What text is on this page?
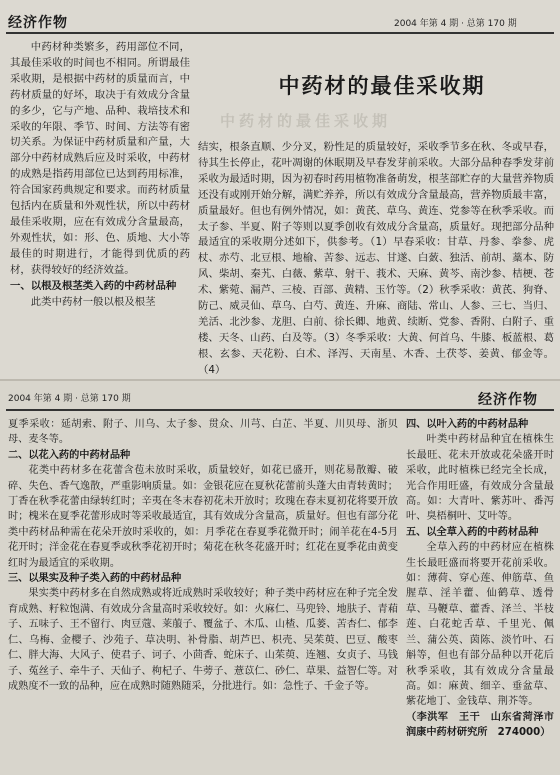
经济作物	2004 年第 4 期 · 总第 170 期
中药材的最佳采收期
中药材的最佳采收期

中药材种类繁多，药用部位不同，其最佳采收的时间也不相同。所谓最佳采收期，是根据中药材的质量而言，中药材质量的好坏，取决于有效成分含量的多少，它与产地、品种、栽培技术和采收的年限、季节、时间、方法等有密切关系。为保证中药材质量和产量，大部分中药材成熟后应及时采收，中药材的成熟是指药用部位已达到药用标准，符合国家药典规定和要求。而药材质量包括内在质量和外观性状，所以中药材最佳采收期，应在有效成分含量最高，外观性状，如：形、色、质地、大小等最佳的时期进行，才能得到优质的药材，获得较好的经济效益。

一、以根及根茎类入药的中药材品种

此类中药材一般以根及根茎

结实，根条直顺、少分叉，粉性足的质量较好，采收季节多在秋、冬或早春，待其生长停止，花叶凋谢的休眠期及早春发芽前采收。大部分品种春季发芽前采收为最适时期，因为初春时药用植物准备萌发，根茎部贮存的大量营养物质还没有或刚开始分解，满贮养养，所以有效成分含量最高，营养物质最丰富，质量最好。但也有例外情况，如：黄芪、草乌、黄连、党参等在秋季采收。而太子参、半夏、附子等则以夏季创收有效成分含量高，质量好。现把部分品种最适宜的采收期分述如下，供参考。（1）早春采收：甘草、丹参、拳参、虎杖、赤芍、北豆根、地榆、苦参、远志、甘遂、白蔹、独活、前胡、藁本、防风、柴胡、秦艽、白薇、紫草、射干、莪术、天麻、黄芩、南沙参、桔梗、苍术、紫菀、漏芦、三棱、百部、黄精、玉竹等。（2）秋季采收：黄芪、狗脊、防己、威灵仙、草乌、白芍、黄连、升麻、商陆、常山、人参、三七、当归、羌活、北沙参、龙胆、白前、徐长卿、地黄、续断、党参、香附、白附子、重楼、天冬、山药、白及等。（3）冬季采收：大黄、何首乌、牛膝、板蓝根、葛根、玄参、天花粉、白术、泽泻、天南星、木香、土茯苓、姜黄、郁金等。（4）

2004 年第 4 期 · 总第 170 期	经济作物

夏季采收：延胡索、附子、川乌、太子参、贯众、川芎、白芷、半夏、川贝母、浙贝母、麦冬等。

二、以花入药的中药材品种

花类中药材多在花蕾含苞未放时采收，质量较好，如花已盛开，则花易散瓣、破碎、失色、香气逸散，严重影响质量。如：金银花应在夏秋花蕾前头蓬大由青转黄时；丁香在秋季花蕾由绿转红时；辛夷在冬末春初花未开放时；玫瑰在春末夏初花将要开放时；槐米在夏季花蕾形成时等采收最适宜，其有效成分含量高，质量好。但也有部分花类中药材品种需在花朵开放时采收的，如：月季花在春夏季花微开时；闹羊花在4-5月花开时；洋金花在春夏季或秋季花初开时；菊花在秋冬花盛开时；红花在夏季花由黄变红时为最适宜的采收期。

三、以果实及种子类入药的中药材品种

果实类中药材多在自然成熟或将近成熟时采收较好；种子类中药材应在种子完全发育成熟、籽粒饱满、有效成分含量高时采收较好。如：火麻仁、马兜铃、地肤子、青葙子、五味子、王不留行、肉豆蔻、莱菔子、覆盆子、木瓜、山楂、瓜蒌、苦杏仁、郁李仁、乌梅、金樱子、沙苑子、草决明、补骨脂、胡芦巴、枳壳、吴茱萸、巴豆、酸枣仁、胖大海、大风子、使君子、诃子、小茴香、蛇床子、山茱萸、连翘、女贞子、马钱子、菟丝子、牵牛子、天仙子、枸杞子、牛蒡子、薏苡仁、砂仁、草果、益智仁等。对成熟度不一致的品种，应在成熟时随熟随采，分批进行。如：急性子、千金子等。

四、以叶入药的中药材品种

叶类中药材品种宜在植株生长最旺、花未开放或花朵盛开时采收，此时植株已经完全长成，光合作用旺盛，有效成分含量最高。如：大青叶、紫苏叶、番泻叶、臭梧桐叶、艾叶等。

五、以全草入药的中药材品种

全草入药的中药材应在植株生长最旺盛而将要开花前采收。如：薄荷、穿心莲、伸筋草、鱼腥草、淫羊藿、仙鹤草、透骨草、马鞭草、藿香、泽兰、半枝莲、白花蛇舌草、千里光、佩兰、蒲公英、茵陈、淡竹叶、石斛等，但也有部分品种以开花后秋季采收，其有效成分含量最高。如：麻黄、细辛、垂盆草、紫花地丁、金钱草、荆芥等。

（李洪军　王干　山东省菏泽市润康中药材研究所　274000）
